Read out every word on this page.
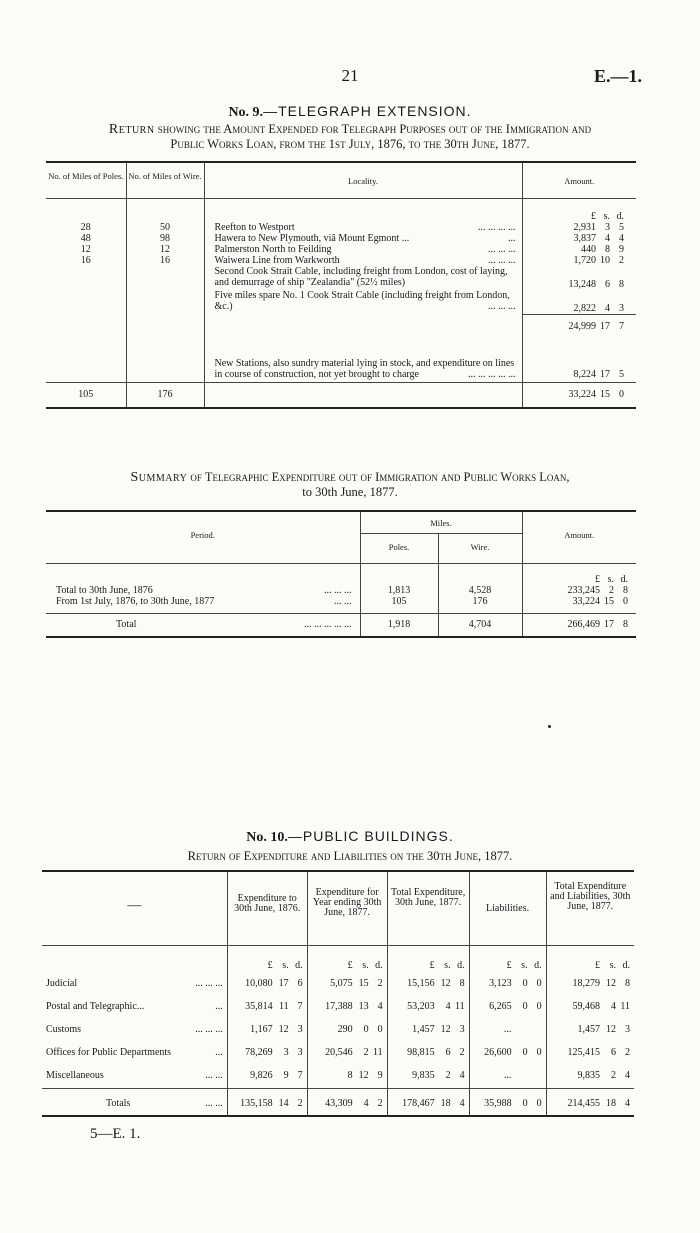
21	E.—1.
No. 9.—TELEGRAPH EXTENSION.
Return showing the Amount Expended for Telegraph Purposes out of the Immigration and
Public Works Loan, from the 1st July, 1876, to the 30th June, 1877.
No. of Miles of Poles.	No. of Miles of Wire.	Locality.	Amount.
			£ s. d.
28	50	Reefton to Westport ... ... ... ...	2,931 3 5
48	98	Hawera to New Plymouth, viâ Mount Egmont ... ...	3,837 4 4
12	12	Palmerston North to Feilding ... ... ...	440 8 9
16	16	Waiwera Line from Warkworth ... ... ...	1,720 10 2
		Second Cook Strait Cable, including freight from London, cost of laying, and demurrage of ship "Zealandia" (52½ miles)	13,248 6 8
		Five miles spare No. 1 Cook Strait Cable (including freight from London, &c.) ... ... ...	2,822 4 3
			24,999 17 7
		New Stations, also sundry material lying in stock, and expenditure on lines in course of construction, not yet brought to charge ... ... ... ... ...	8,224 17 5
105	176		33,224 15 0
Summary of Telegraphic Expenditure out of Immigration and Public Works Loan,
to 30th June, 1877.
Period.	Miles.		Amount.
	Poles.	Wire.	
			£ s. d.
Total to 30th June, 1876 ... ... ...	1,813	4,528	233,245 2 8
From 1st July, 1876, to 30th June, 1877 ... ...	105	176	33,224 15 0
Total ... ... ... ... ...	1,918	4,704	266,469 17 8
No. 10.—PUBLIC BUILDINGS.
Return of Expenditure and Liabilities on the 30th June, 1877.
—	Expenditure to 30th June, 1876.	Expenditure for Year ending 30th June, 1877.	Total Expenditure, 30th June, 1877.	Liabilities.	Total Expenditure and Liabilities, 30th June, 1877.
	£ s. d.	£ s. d.	£ s. d.	£ s. d.	£ s. d.
Judicial ... ... ...	10,080 17 6	5,075 15 2	15,156 12 8	3,123 0 0	18,279 12 8
Postal and Telegraphic... ...	35,814 11 7	17,388 13 4	53,203 4 11	6,265 0 0	59,468 4 11
Customs ... ... ...	1,167 12 3	290 0 0	1,457 12 3	...	1,457 12 3
Offices for Public Departments ...	78,269 3 3	20,546 2 11	98,815 6 2	26,600 0 0	125,415 6 2
Miscellaneous ... ...	9,826 9 7	8 12 9	9,835 2 4	...	9,835 2 4
Totals ... ...	135,158 14 2	43,309 4 2	178,467 18 4	35,988 0 0	214,455 18 4
5—E. 1.
